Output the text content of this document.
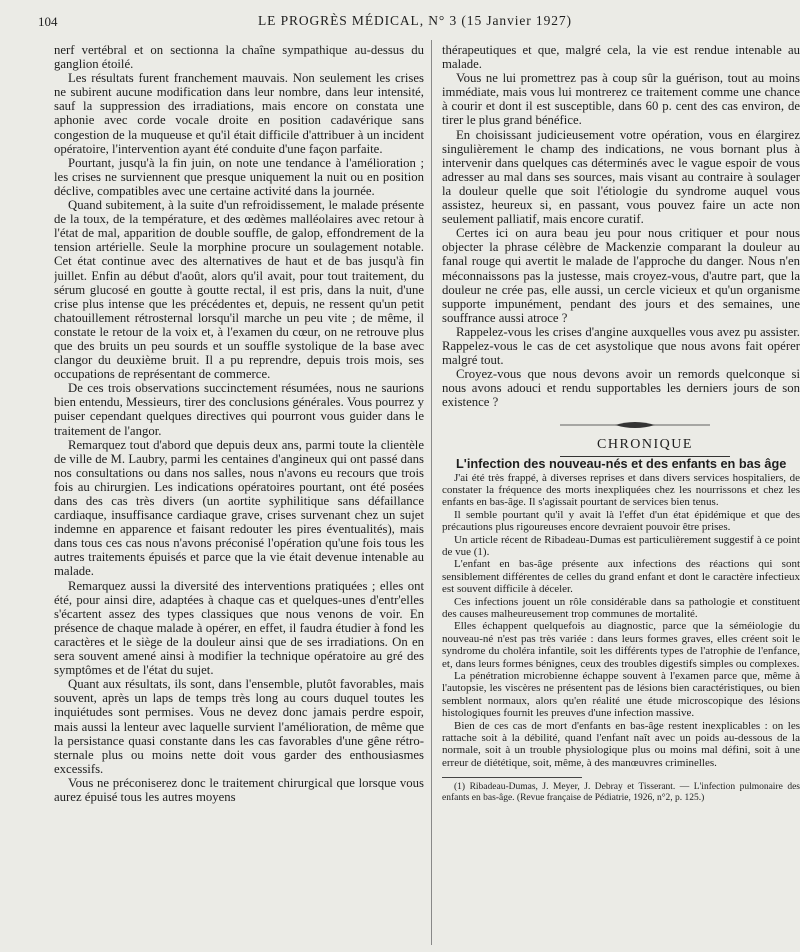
104	LE PROGRÈS MÉDICAL, N° 3 (15 Janvier 1927)

nerf vertébral et on sectionna la chaîne sympathique au-dessus du ganglion étoilé.

Les résultats furent franchement mauvais. Non seulement les crises ne subirent aucune modification dans leur nombre, dans leur intensité, sauf la suppression des irradiations, mais encore on constata une aphonie avec corde vocale droite en position cadavérique sans congestion de la muqueuse et qu'il était difficile d'attribuer à un incident opératoire, l'intervention ayant été conduite d'une façon parfaite.

Pourtant, jusqu'à la fin juin, on note une tendance à l'amélioration ; les crises ne surviennent que presque uniquement la nuit ou en position déclive, compatibles avec une certaine activité dans la journée.

Quand subitement, à la suite d'un refroidissement, le malade présente de la toux, de la température, et des œdèmes malléolaires avec retour à l'état de mal, apparition de double souffle, de galop, effondrement de la tension artérielle. Seule la morphine procure un soulagement notable. Cet état continue avec des alternatives de haut et de bas jusqu'à fin juillet. Enfin au début d'août, alors qu'il avait, pour tout traitement, du sérum glucosé en goutte à goutte rectal, il est pris, dans la nuit, d'une crise plus intense que les précédentes et, depuis, ne ressent qu'un petit chatouillement rétrosternal lorsqu'il marche un peu vite ; de même, il constate le retour de la voix et, à l'examen du cœur, on ne retrouve plus que des bruits un peu sourds et un souffle systolique de la base avec clangor du deuxième bruit. Il a pu reprendre, depuis trois mois, ses occupations de représentant de commerce.

De ces trois observations succinctement résumées, nous ne saurions bien entendu, Messieurs, tirer des conclusions générales. Vous pourrez y puiser cependant quelques directives qui pourront vous guider dans le traitement de l'angor.

Remarquez tout d'abord que depuis deux ans, parmi toute la clientèle de ville de M. Laubry, parmi les centaines d'angineux qui ont passé dans nos consultations ou dans nos salles, nous n'avons eu recours que trois fois au chirurgien. Les indications opératoires pourtant, ont été posées dans des cas très divers (un aortite syphilitique sans défaillance cardiaque, insuffisance cardiaque grave, crises survenant chez un sujet indemne en apparence et faisant redouter les pires éventualités), mais dans tous ces cas nous n'avons préconisé l'opération qu'une fois tous les autres traitements épuisés et parce que la vie était devenue intenable au malade.

Remarquez aussi la diversité des interventions pratiquées ; elles ont été, pour ainsi dire, adaptées à chaque cas et quelques-unes d'entr'elles s'écartent assez des types classiques que nous venons de voir. En présence de chaque malade à opérer, en effet, il faudra étudier à fond les caractères et le siège de la douleur ainsi que de ses irradiations. On en sera souvent amené ainsi à modifier la technique opératoire au gré des symptômes et de l'état du sujet.

Quant aux résultats, ils sont, dans l'ensemble, plutôt favorables, mais souvent, après un laps de temps très long au cours duquel toutes les inquiétudes sont permises. Vous ne devez donc jamais perdre espoir, mais aussi la lenteur avec laquelle survient l'amélioration, de même que la persistance quasi constante dans les cas favorables d'une gêne rétro-sternale plus ou moins nette doit vous garder des enthousiasmes excessifs.

Vous ne préconiserez donc le traitement chirurgical que lorsque vous aurez épuisé tous les autres moyens

thérapeutiques et que, malgré cela, la vie est rendue intenable au malade.

Vous ne lui promettrez pas à coup sûr la guérison, tout au moins immédiate, mais vous lui montrerez ce traitement comme une chance à courir et dont il est susceptible, dans 60 p. cent des cas environ, de tirer le plus grand bénéfice.

En choisissant judicieusement votre opération, vous en élargirez singulièrement le champ des indications, ne vous bornant plus à intervenir dans quelques cas déterminés avec le vague espoir de vous adresser au mal dans ses sources, mais visant au contraire à soulager la douleur quelle que soit l'étiologie du syndrome auquel vous assistez, heureux si, en passant, vous pouvez faire un acte non seulement palliatif, mais encore curatif.

Certes ici on aura beau jeu pour nous critiquer et pour nous objecter la phrase célèbre de Mackenzie comparant la douleur au fanal rouge qui avertit le malade de l'approche du danger. Nous n'en méconnaissons pas la justesse, mais croyez-vous, d'autre part, que la douleur ne crée pas, elle aussi, un cercle vicieux et qu'un organisme supporte impunément, pendant des jours et des semaines, une souffrance aussi atroce ?

Rappelez-vous les crises d'angine auxquelles vous avez pu assister. Rappelez-vous le cas de cet asystolique que nous avons fait opérer malgré tout.

Croyez-vous que nous devons avoir un remords quelconque si nous avons adouci et rendu supportables les derniers jours de son existence ?

CHRONIQUE

L'infection des nouveau-nés et des enfants en bas âge

J'ai été très frappé, à diverses reprises et dans divers services hospitaliers, de constater la fréquence des morts inexpliquées chez les nourrissons et chez les enfants en bas-âge. Il s'agissait pourtant de services bien tenus.

Il semble pourtant qu'il y avait là l'effet d'un état épidémique et que des précautions plus rigoureuses encore devraient pouvoir être prises.

Un article récent de Ribadeau-Dumas est particulièrement suggestif à ce point de vue (1).

L'enfant en bas-âge présente aux infections des réactions qui sont sensiblement différentes de celles du grand enfant et dont le caractère infectieux est souvent difficile à déceler.

Ces infections jouent un rôle considérable dans sa pathologie et constituent des causes malheureusement trop communes de mortalité.

Elles échappent quelquefois au diagnostic, parce que la séméiologie du nouveau-né n'est pas très variée : dans leurs formes graves, elles créent soit le syndrome du choléra infantile, soit les différents types de l'atrophie de l'enfance, et, dans leurs formes bénignes, ceux des troubles digestifs simples ou complexes.

La pénétration microbienne échappe souvent à l'examen parce que, même à l'autopsie, les viscères ne présentent pas de lésions bien caractéristiques, ou bien semblent normaux, alors qu'en réalité une étude microscopique des lésions histologiques fournit les preuves d'une infection massive.

Bien de ces cas de mort d'enfants en bas-âge restent inexplicables : on les rattache soit à la débilité, quand l'enfant naît avec un poids au-dessous de la normale, soit à un trouble physiologique plus ou moins mal défini, soit à une erreur de diététique, soit, même, à des manœuvres criminelles.

(1) Ribadeau-Dumas, J. Meyer, J. Debray et Tisserant. — L'infection pulmonaire des enfants en bas-âge. (Revue française de Pédiatrie, 1926, n°2, p. 125.)
